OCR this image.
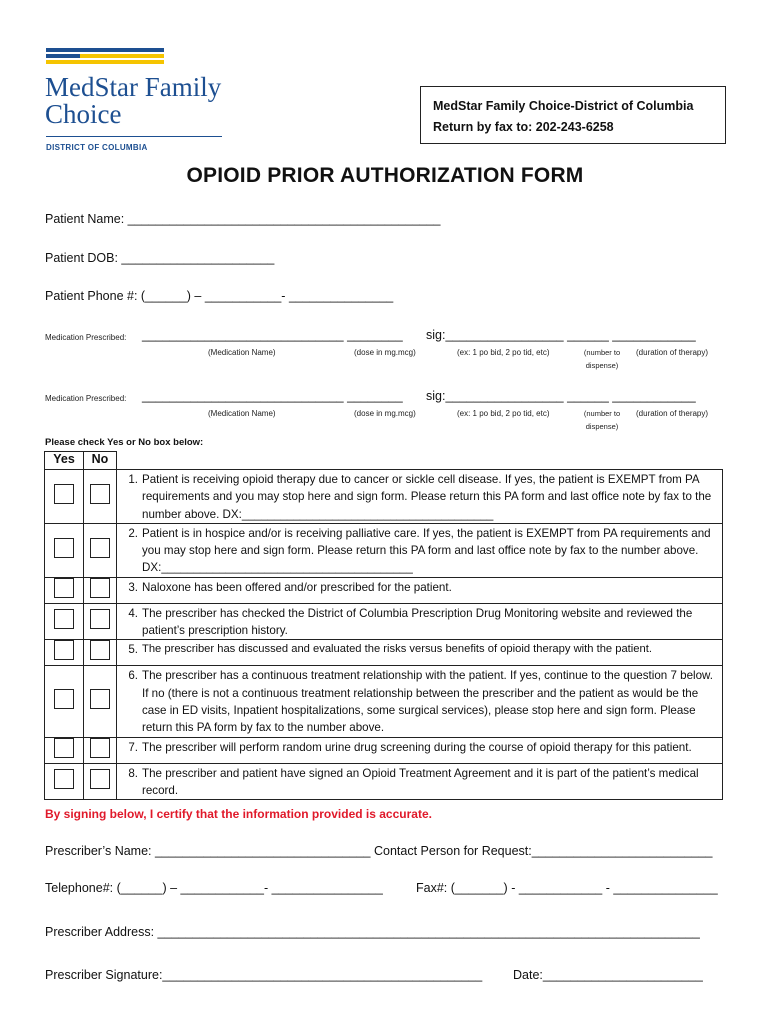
MedStar Family
Choice
DISTRICT OF COLUMBIA
MedStar Family Choice-District of Columbia
Return by fax to: 202-243-6258
OPIOID PRIOR AUTHORIZATION FORM
Patient Name: _____________________________________________
Patient DOB: ______________________
Patient Phone #: (______) – ___________- _______________
Medication Prescribed: _____________________________ ________ sig:_________________ ______ ____________
(Medication Name)	(dose in mg.mcg)	(ex: 1 po bid, 2 po tid, etc)	(number to
dispense)
(duration of therapy)
Medication Prescribed: _____________________________ ________ sig:_________________ ______ ____________
(Medication Name)	(dose in mg.mcg)	(ex: 1 po bid, 2 po tid, etc)	(number to
dispense)
(duration of therapy)
Please check Yes or No box below:
Yes	No	

		1. Patient is receiving opioid therapy due to cancer or sickle cell disease. If yes, the patient is EXEMPT from PA requirements and you may stop here and sign form. Please return this PA form and last office note by fax to the number above. DX:_______________________________________

		2. Patient is in hospice and/or is receiving palliative care. If yes, the patient is EXEMPT from PA requirements and you may stop here and sign form. Please return this PA form and last office note by fax to the number above. DX:_______________________________________

		3. Naloxone has been offered and/or prescribed for the patient.

		4. The prescriber has checked the District of Columbia Prescription Drug Monitoring website and reviewed the patient’s prescription history.

		5. The prescriber has discussed and evaluated the risks versus benefits of opioid therapy with the patient.

		6. The prescriber has a continuous treatment relationship with the patient. If yes, continue to the question 7 below. If no (there is not a continuous treatment relationship between the prescriber and the patient as would be the case in ED visits, Inpatient hospitalizations, some surgical services), please stop here and sign form. Please return this PA form by fax to the number above.

		7. The prescriber will perform random urine drug screening during the course of opioid therapy for this patient.

		8. The prescriber and patient have signed an Opioid Treatment Agreement and it is part of the patient’s medical record.
By signing below, I certify that the information provided is accurate.
Prescriber’s Name: _______________________________ Contact Person for Request:__________________________
Telephone#: (______) – ____________- ________________	Fax#: (_______) - ____________ - _______________
Prescriber Address: ______________________________________________________________________________
Prescriber Signature:______________________________________________ Date:_______________________
